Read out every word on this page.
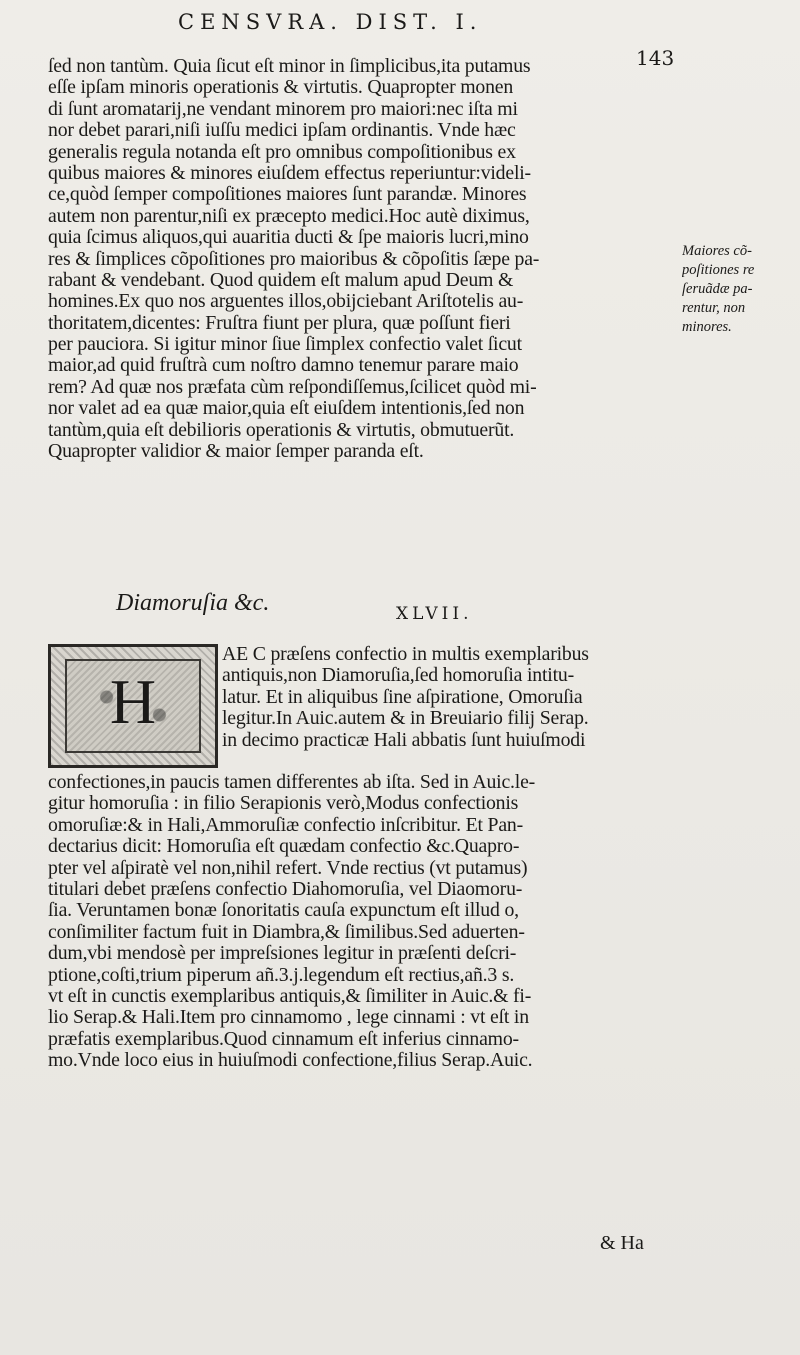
CENSVRA. DIST. I.
143
ſed non tantùm. Quia ſicut eſt minor in ſimplicibus,ita putamus
eſſe ipſam minoris operationis & virtutis. Quapropter monen
di ſunt aromatarij,ne vendant minorem pro maiori:nec iſta mi
nor debet parari,niſi iuſſu medici ipſam ordinantis. Vnde hæc
generalis regula notanda eſt pro omnibus compoſitionibus ex
quibus maiores & minores eiuſdem effectus reperiuntur:videli-
ce,quòd ſemper compoſitiones maiores ſunt parandæ. Minores
autem non parentur,niſi ex præcepto medici.Hoc autè diximus,
quia ſcimus aliquos,qui auaritia ducti & ſpe maioris lucri,mino
res & ſimplices cõpoſitiones pro maioribus & cõpoſitis ſæpe pa-
rabant & vendebant. Quod quidem eſt malum apud Deum &
homines.Ex quo nos arguentes illos,obijciebant Ariſtotelis au-
thoritatem,dicentes: Fruſtra fiunt per plura, quæ poſſunt fieri
per pauciora. Si igitur minor ſiue ſimplex confectio valet ſicut
maior,ad quid fruſtrà cum noſtro damno tenemur parare maio
rem? Ad quæ nos præfata cùm reſpondiſſemus,ſcilicet quòd mi-
nor valet ad ea quæ maior,quia eſt eiuſdem intentionis,ſed non
tantùm,quia eſt debilioris operationis & virtutis, obmutuerũt.
Quapropter validior & maior ſemper paranda eſt.
Maiores cõ-
poſitiones re
ſeruãdæ pa-
rentur, non
minores.
Diamoruſia &c.	XLVII.
H
AE C præſens confectio in multis exemplaribus
antiquis,non Diamoruſia,ſed homoruſia intitu-
latur. Et in aliquibus ſine aſpiratione, Omoruſia
legitur.In Auic.autem & in Breuiario filij Serap.
in decimo practicæ Hali abbatis ſunt huiuſmodi
confectiones,in paucis tamen differentes ab iſta. Sed in Auic.le-
gitur homoruſia : in filio Serapionis verò,Modus confectionis
omoruſiæ:& in Hali,Ammoruſiæ confectio inſcribitur. Et Pan-
dectarius dicit: Homoruſia eſt quædam confectio &c.Quapro-
pter vel aſpiratè vel non,nihil refert. Vnde rectius (vt putamus)
titulari debet præſens confectio Diahomoruſia, vel Diaomoru-
ſia. Veruntamen bonæ ſonoritatis cauſa expunctum eſt illud o,
conſimiliter factum fuit in Diambra,& ſimilibus.Sed aduerten-
dum,vbi mendosè per impreſsiones legitur in præſenti deſcri-
ptione,coſti,trium piperum añ.3.j.legendum eſt rectius,añ.3 s.
vt eſt in cunctis exemplaribus antiquis,& ſimiliter in Auic.& fi-
lio Serap.& Hali.Item pro cinnamomo , lege cinnami : vt eſt in
præfatis exemplaribus.Quod cinnamum eſt inferius cinnamo-
mo.Vnde loco eius in huiuſmodi confectione,filius Serap.Auic.
& Ha
